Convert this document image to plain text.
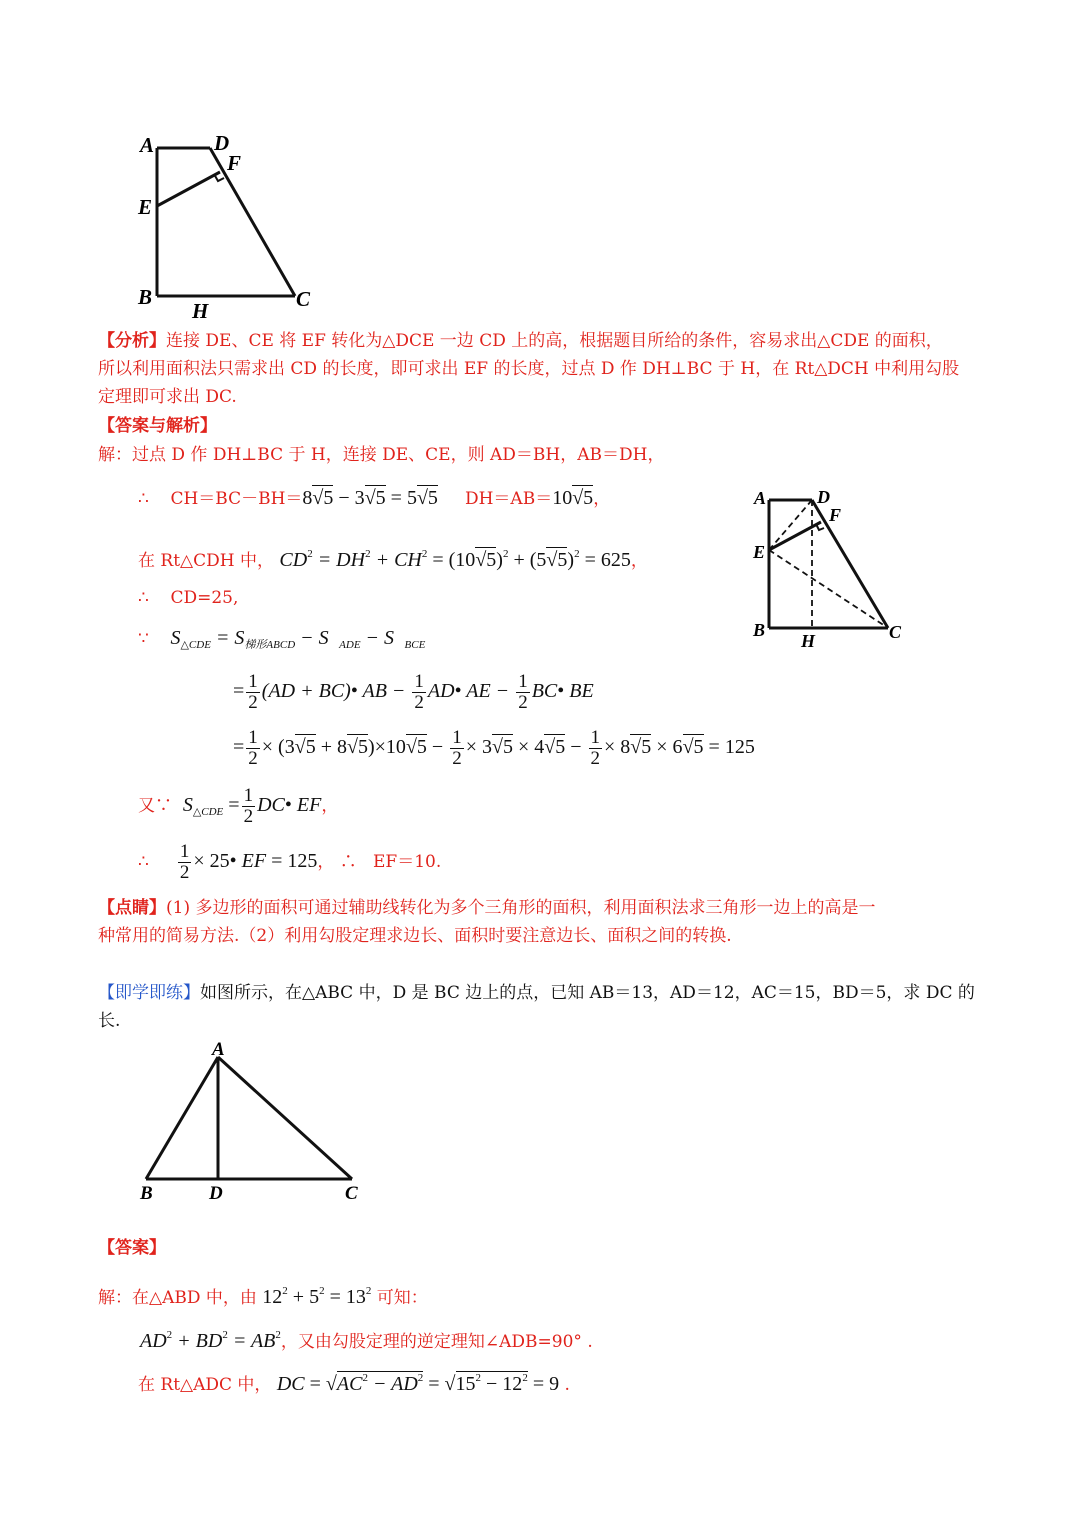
A	D
F
E
B
H	C
【分析】连接 DE、CE 将 EF 转化为△DCE 一边 CD 上的高，根据题目所给的条件，容易求出△CDE 的面积，
所以利用面积法只需求出 CD 的长度，即可求出 EF 的长度，过点 D 作 DH⊥BC 于 H，在 Rt△DCH 中利用勾股
定理即可求出 DC.
【答案与解析】
解：过点 D 作 DH⊥BC 于 H，连接 DE、CE，则 AD＝BH，AB＝DH，
∴ CH＝BC－BH＝8√5 − 3√5 = 5√5 DH＝AB＝10√5，
在 Rt△CDH 中， $CD^2 = DH^2 + CH^2 = (10√5)^2 + (5√5)^2 = 625$，
∴ CD=25,
∵ $S_{\triangle CDE} = S_{梯形ABCD} - S$   $_{ADE}$ − S   $_{BCE}$
= $\frac{1}{2} (AD$ + BC)• AB − $\frac{1}{2}$ AD• AE − $\frac{1}{2}$ BC• BE
= $\frac{1}{2} \times (3√5 + 8√5)\times 10√5 - \frac{1}{2} \times 3√5 \times 4√5 - \frac{1}{2} \times 8√5 \times 6√5 = 125$
又∵ $S_{\triangle CDE} = \frac{1}{2}$ DC• EF，
∴ $\frac{1}{2}$ × 25• EF = 125， ∴ EF＝10.
A	D
F
E
B
H	C
【点睛】(1) 多边形的面积可通过辅助线转化为多个三角形的面积，利用面积法求三角形一边上的高是一
种常用的简易方法.（2）利用勾股定理求边长、面积时要注意边长、面积之间的转换.
【即学即练】如图所示，在△ABC 中，D 是 BC 边上的点，已知 AB＝13，AD＝12，AC＝15，BD＝5，求 DC 的
长.
A
B	D	C
【答案】
解：在△ABD 中，由 $12^2 + 5^2 = 13^2$ 可知：
$AD^2 + BD^2 = AB^2$，又由勾股定理的逆定理知∠ADB=90° .
在 Rt△ADC 中， DC = $√AC^2 - AD^2 = √15^2 - 12^2 = 9$ .
